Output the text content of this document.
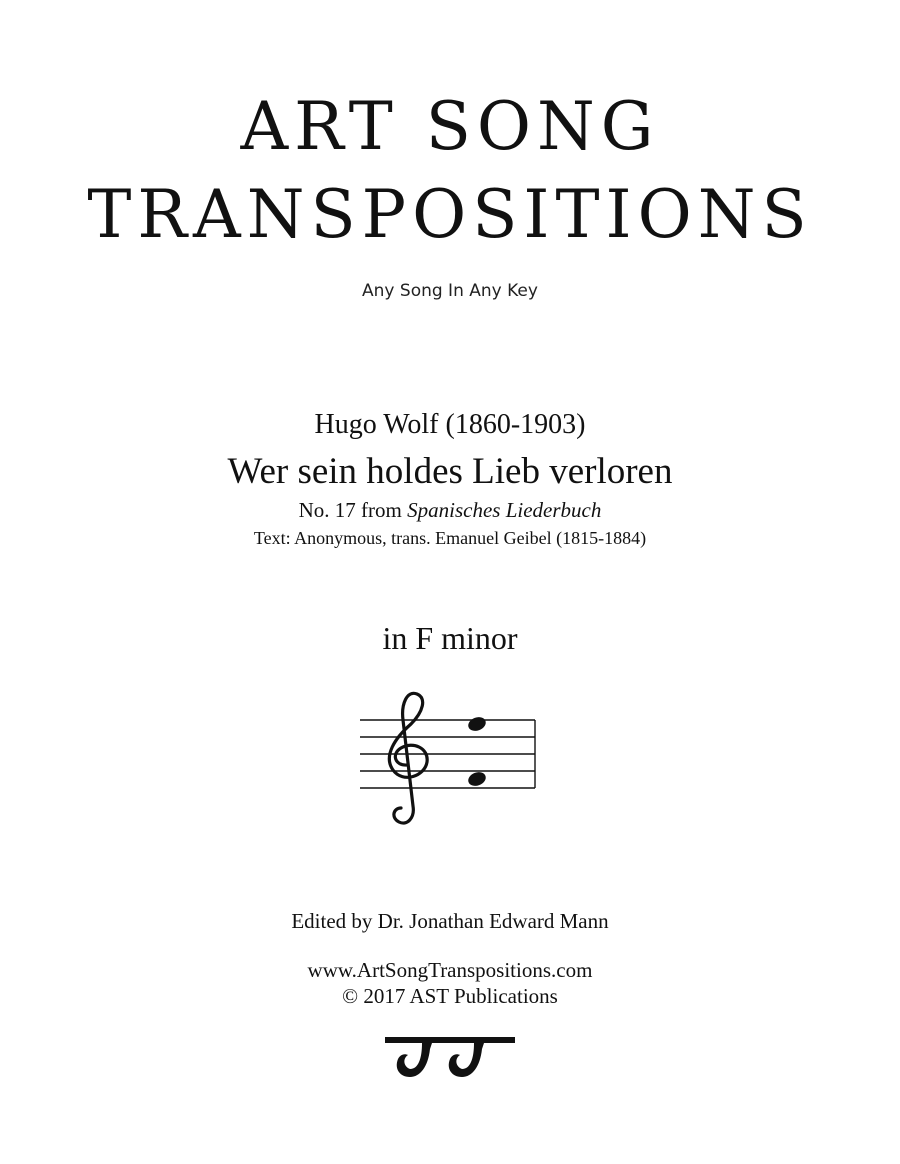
ART SONG
TRANSPOSITIONS
Any Song In Any Key
Hugo Wolf (1860-1903)
Wer sein holdes Lieb verloren
No. 17 from Spanisches Liederbuch
Text: Anonymous, trans. Emanuel Geibel (1815-1884)
in F minor
Edited by Dr. Jonathan Edward Mann
www.ArtSongTranspositions.com
© 2017 AST Publications
